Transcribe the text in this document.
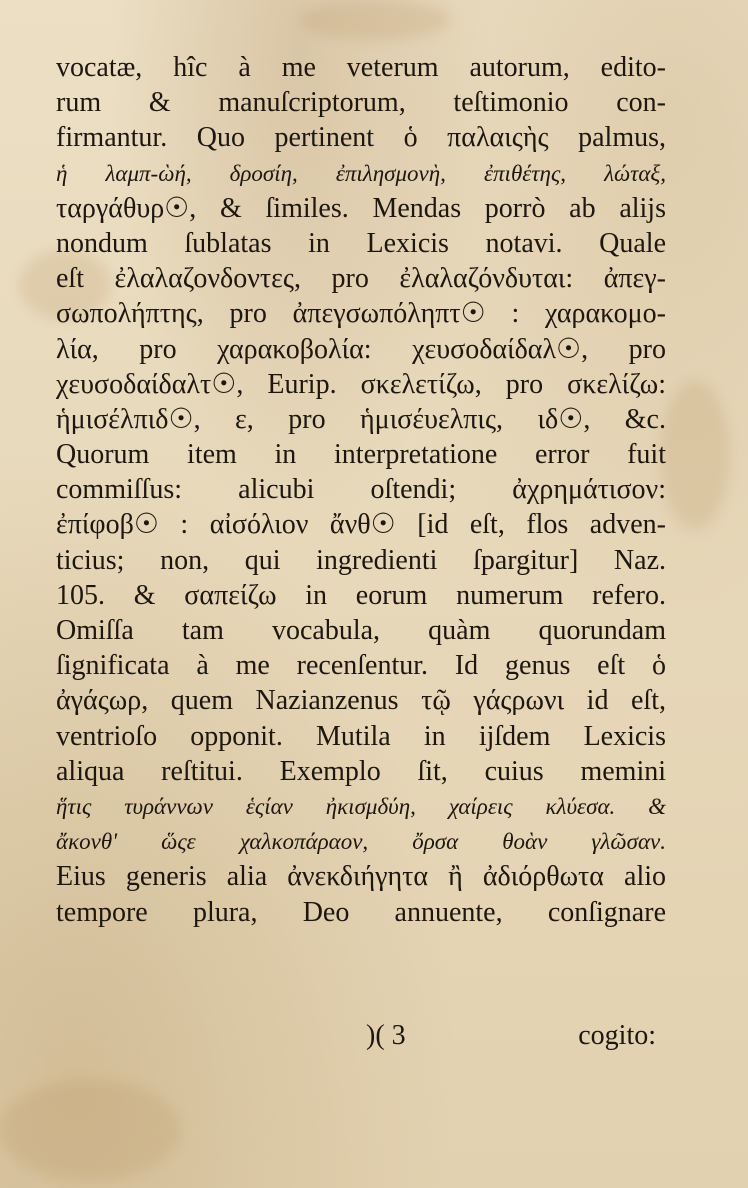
vocatæ, hîc à me veterum autorum, edito-
rum & manuſcriptorum, teſtimonio con-
firmantur. Quo pertinent ὁ παλαιςὴς palmus,
ἡ λαμπ-ὼή, δροσίη, ἐπιλησμονὴ, ἐπιθέτης, λώταξ,
ταργάθυρ☉, & ſimiles. Mendas porrò ab alijs
nondum ſublatas in Lexicis notavi. Quale
eſt ἐλαλαζονδοντες, pro ἐλαλαζόνδυται: ἀπεγ-
σωπολήπτης, pro ἀπεγσωπόληπτ☉ : χαρακομο-
λία, pro χαρακοβολία: χευσοδαίδαλ☉, pro
χευσοδαίδαλτ☉, Eurip. σκελετίζω, pro σκελίζω:
ἡμισέλπιδ☉, ε, pro ἡμισέυελπις, ιδ☉, &c.
Quorum item in interpretatione error fuit
commiſſus: alicubi oſtendi; ἀχρημάτισον:
ἐπίφοβ☉ : αἰσόλιον ἄνθ☉ [id eſt, flos adven-
ticius; non, qui ingredienti ſpargitur] Naz.
105. & σαπείζω in eorum numerum refero.
Omiſſa tam vocabula, quàm quorundam
ſignificata à me recenſentur. Id genus eſt ὁ
ἀγάςωρ, quem Nazianzenus τῷ γάςρωνι id eſt,
ventrioſo opponit. Mutila in ijſdem Lexicis
aliqua reſtitui. Exemplo ſit, cuius memini
ἥτις τυράννων ἑςίαν ἠκισμδύη, χαίρεις κλύεσα. &
ἄκονθ' ὥςε χαλκοπάραον, ὄρσα θοὰν γλῶσαν.
Eius generis alia ἀνεκδιήγητα ἢ ἀδιόρθωτα alio
tempore plura, Deo annuente, conſignare
)( 3	cogito:
